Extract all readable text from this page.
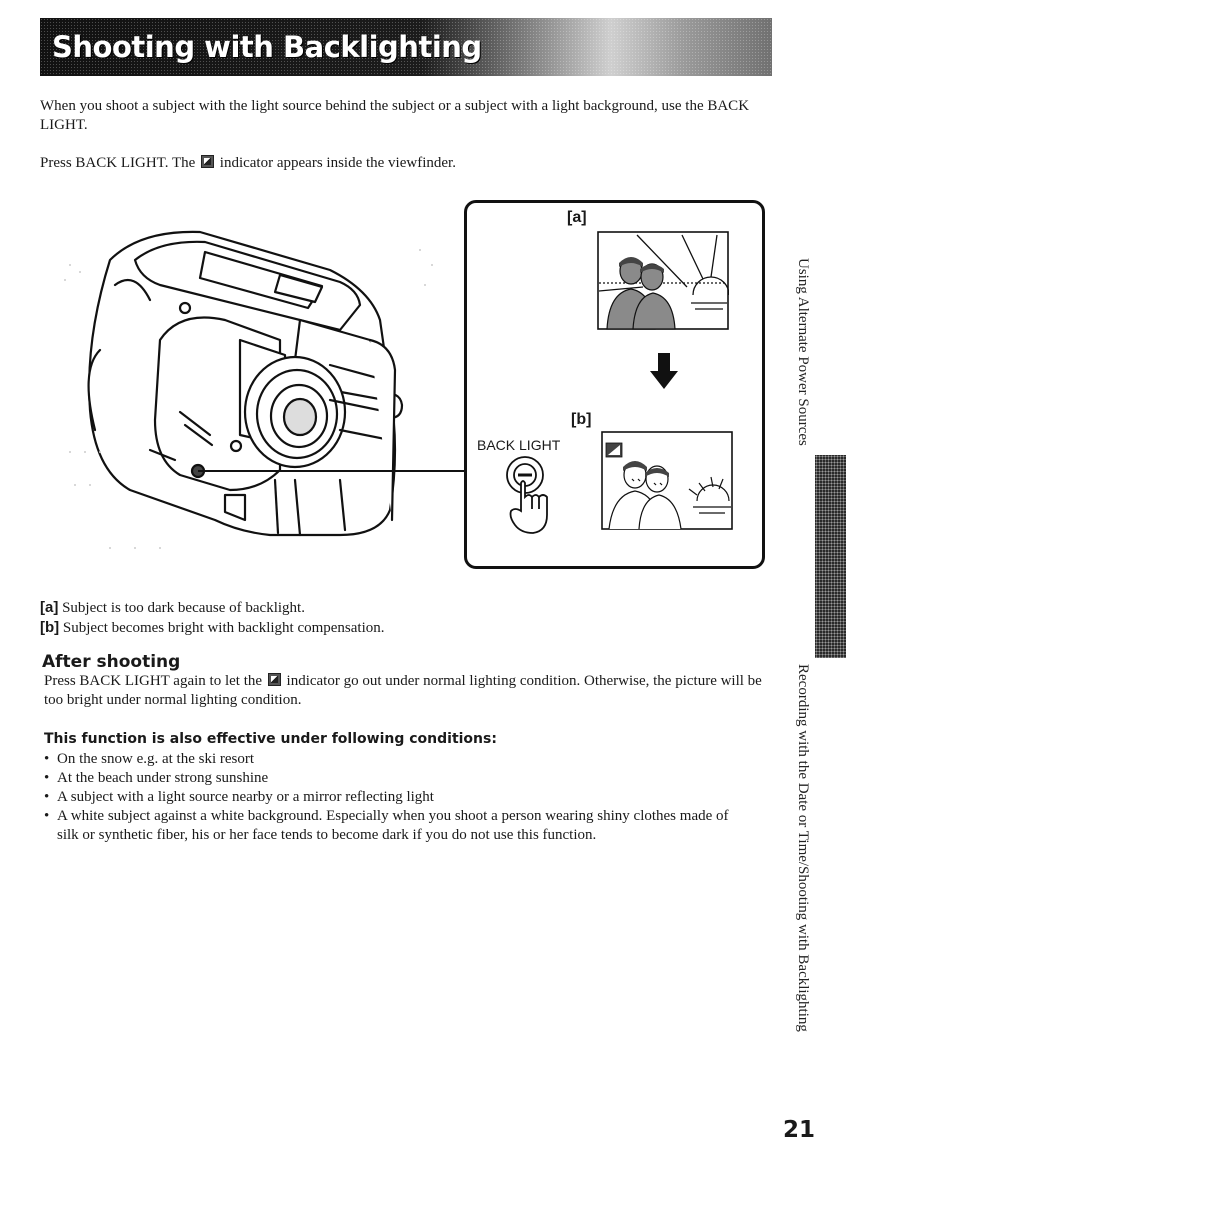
Shooting with Backlighting
When you shoot a subject with the light source behind the subject or a subject with a light background, use the BACK LIGHT.
Press BACK LIGHT. The indicator appears inside the viewfinder.
[a]
[b]
BACK LIGHT
[a] Subject is too dark because of backlight.
[b] Subject becomes bright with backlight compensation.
After shooting
Press BACK LIGHT again to let the indicator go out under normal lighting condition. Otherwise, the picture will be too bright under normal lighting condition.
This function is also effective under following conditions:
• On the snow e.g. at the ski resort
• At the beach under strong sunshine
• A subject with a light source nearby or a mirror reflecting light
• A white subject against a white background. Especially when you shoot a person wearing shiny clothes made of silk or synthetic fiber, his or her face tends to become dark if you do not use this function.
Using Alternate Power Sources
Recording with the Date or Time/Shooting with Backlighting
21
